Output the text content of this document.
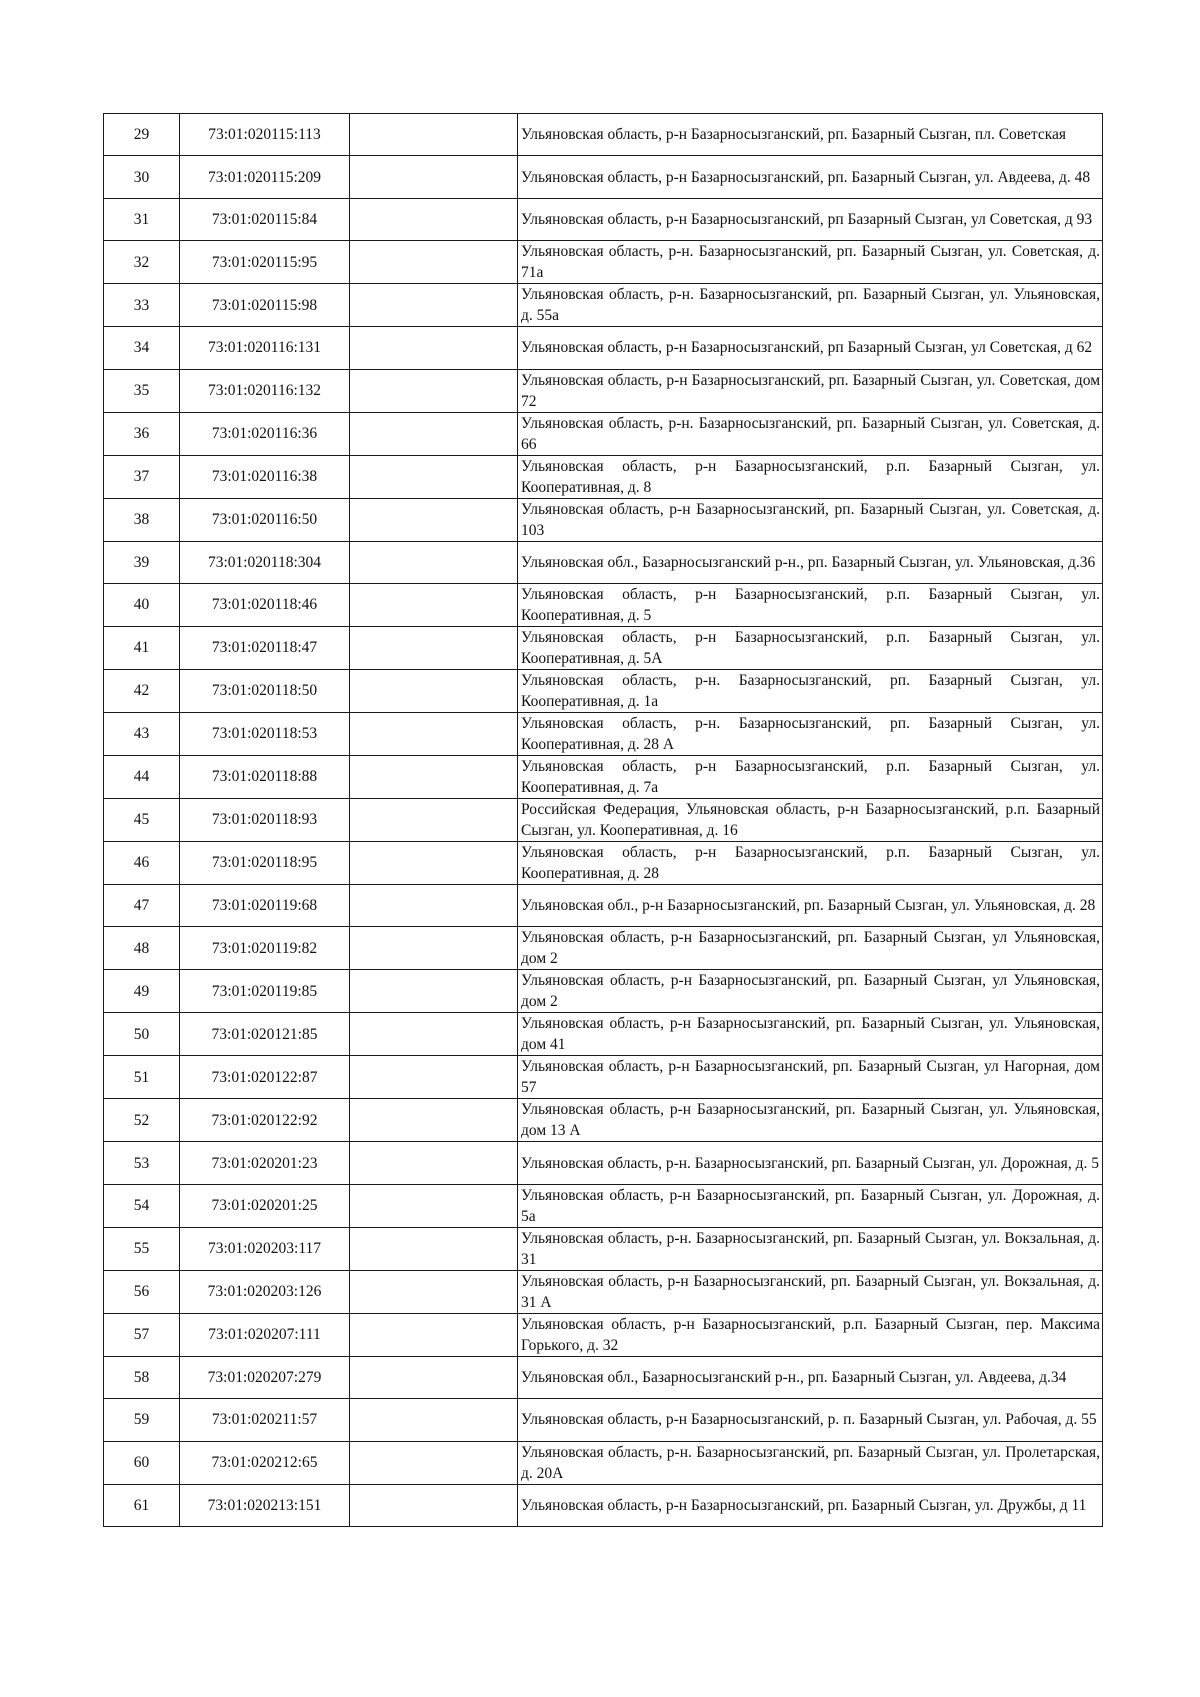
29	73:01:020115:113		Ульяновская область, р-н Базарносызганский, рп. Базарный Сызган, пл. Советская

30	73:01:020115:209		Ульяновская область, р-н Базарносызганский, рп. Базарный Сызган, ул. Авдеева, д. 48

31	73:01:020115:84		Ульяновская область, р-н Базарносызганский, рп Базарный Сызган, ул Советская, д 93

32	73:01:020115:95		Ульяновская область, р-н. Базарносызганский, рп. Базарный Сызган, ул. Советская, д. 71а

33	73:01:020115:98		Ульяновская область, р-н. Базарносызганский, рп. Базарный Сызган, ул. Ульяновская, д. 55а

34	73:01:020116:131		Ульяновская область, р-н Базарносызганский, рп Базарный Сызган, ул Советская, д 62

35	73:01:020116:132		Ульяновская область, р-н Базарносызганский, рп. Базарный Сызган, ул. Советская, дом 72

36	73:01:020116:36		Ульяновская область, р-н. Базарносызганский, рп. Базарный Сызган, ул. Советская, д. 66

37	73:01:020116:38		Ульяновская область, р-н Базарносызганский, р.п. Базарный Сызган, ул. Кооперативная, д. 8

38	73:01:020116:50		Ульяновская область, р-н Базарносызганский, рп. Базарный Сызган, ул. Советская, д. 103

39	73:01:020118:304		Ульяновская обл., Базарносызганский р-н., рп. Базарный Сызган, ул. Ульяновская, д.36

40	73:01:020118:46		Ульяновская область, р-н Базарносызганский, р.п. Базарный Сызган, ул. Кооперативная, д. 5

41	73:01:020118:47		Ульяновская область, р-н Базарносызганский, р.п. Базарный Сызган, ул. Кооперативная, д. 5А

42	73:01:020118:50		Ульяновская область, р-н. Базарносызганский, рп. Базарный Сызган, ул. Кооперативная, д. 1а

43	73:01:020118:53		Ульяновская область, р-н. Базарносызганский, рп. Базарный Сызган, ул. Кооперативная, д. 28 А

44	73:01:020118:88		Ульяновская область, р-н Базарносызганский, р.п. Базарный Сызган, ул. Кооперативная, д. 7а

45	73:01:020118:93		Российская Федерация, Ульяновская область, р-н Базарносызганский, р.п. Базарный Сызган, ул. Кооперативная, д. 16

46	73:01:020118:95		Ульяновская область, р-н Базарносызганский, р.п. Базарный Сызган, ул. Кооперативная, д. 28

47	73:01:020119:68		Ульяновская обл., р-н Базарносызганский, рп. Базарный Сызган, ул. Ульяновская, д. 28

48	73:01:020119:82		Ульяновская область, р-н Базарносызганский, рп. Базарный Сызган, ул Ульяновская, дом 2

49	73:01:020119:85		Ульяновская область, р-н Базарносызганский, рп. Базарный Сызган, ул Ульяновская, дом 2

50	73:01:020121:85		Ульяновская область, р-н Базарносызганский, рп. Базарный Сызган, ул. Ульяновская, дом 41

51	73:01:020122:87		Ульяновская область, р-н Базарносызганский, рп. Базарный Сызган, ул Нагорная, дом 57

52	73:01:020122:92		Ульяновская область, р-н Базарносызганский, рп. Базарный Сызган, ул. Ульяновская, дом 13 А

53	73:01:020201:23		Ульяновская область, р-н. Базарносызганский, рп. Базарный Сызган, ул. Дорожная, д. 5

54	73:01:020201:25		Ульяновская область, р-н Базарносызганский, рп. Базарный Сызган, ул. Дорожная, д. 5а

55	73:01:020203:117		Ульяновская область, р-н. Базарносызганский, рп. Базарный Сызган, ул. Вокзальная, д. 31

56	73:01:020203:126		Ульяновская область, р-н Базарносызганский, рп. Базарный Сызган, ул. Вокзальная, д. 31 А

57	73:01:020207:111		Ульяновская область, р-н Базарносызганский, р.п. Базарный Сызган, пер. Максима Горького, д. 32

58	73:01:020207:279		Ульяновская обл., Базарносызганский р-н., рп. Базарный Сызган, ул. Авдеева, д.34

59	73:01:020211:57		Ульяновская область, р-н Базарносызганский, р. п. Базарный Сызган, ул. Рабочая, д. 55

60	73:01:020212:65		Ульяновская область, р-н. Базарносызганский, рп. Базарный Сызган, ул. Пролетарская, д. 20А

61	73:01:020213:151		Ульяновская область, р-н Базарносызганский, рп. Базарный Сызган, ул. Дружбы, д 11
